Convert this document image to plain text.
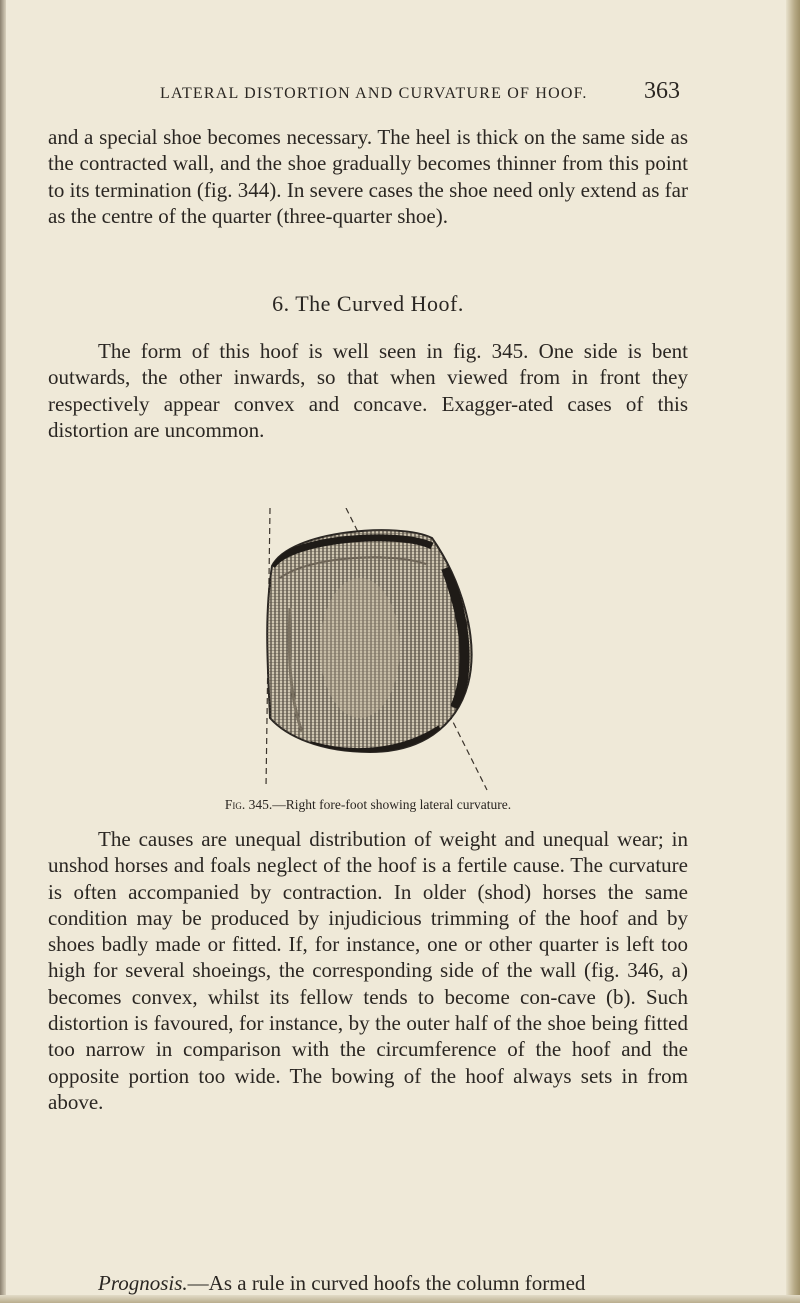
LATERAL DISTORTION AND CURVATURE OF HOOF. 363

and a special shoe becomes necessary. The heel is thick on the same side as the contracted wall, and the shoe gradually becomes thinner from this point to its termination (fig. 344). In severe cases the shoe need only extend as far as the centre of the quarter (three-quarter shoe).

6. The Curved Hoof.

The form of this hoof is well seen in fig. 345. One side is bent outwards, the other inwards, so that when viewed from in front they respectively appear convex and concave. Exagger-ated cases of this distortion are uncommon.

Fig. 345.—Right fore-foot showing lateral curvature.

The causes are unequal distribution of weight and unequal wear; in unshod horses and foals neglect of the hoof is a fertile cause. The curvature is often accompanied by contraction. In older (shod) horses the same condition may be produced by injudicious trimming of the hoof and by shoes badly made or fitted. If, for instance, one or other quarter is left too high for several shoeings, the corresponding side of the wall (fig. 346, a) becomes convex, whilst its fellow tends to become con-cave (b). Such distortion is favoured, for instance, by the outer half of the shoe being fitted too narrow in comparison with the circumference of the hoof and the opposite portion too wide. The bowing of the hoof always sets in from above.

Prognosis.—As a rule in curved hoofs the column formed
